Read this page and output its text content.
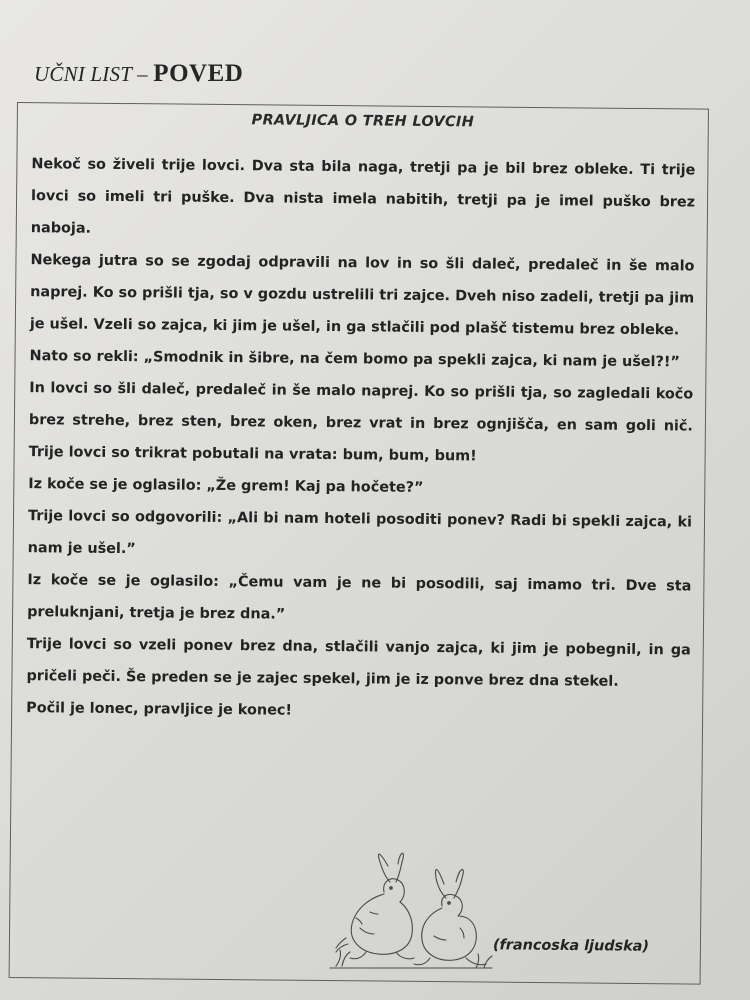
UČNI LIST – POVED
PRAVLJICA O TREH LOVCIH

Nekoč so živeli trije lovci. Dva sta bila naga, tretji pa je bil brez obleke. Ti trije lovci so imeli tri puške. Dva nista imela nabitih, tretji pa je imel puško brez naboja.

Nekega jutra so se zgodaj odpravili na lov in so šli daleč, predaleč in še malo naprej. Ko so prišli tja, so v gozdu ustrelili tri zajce. Dveh niso zadeli, tretji pa jim je ušel. Vzeli so zajca, ki jim je ušel, in ga stlačili pod plašč tistemu brez obleke.

Nato so rekli: „Smodnik in šibre, na čem bomo pa spekli zajca, ki nam je ušel?!”

In lovci so šli daleč, predaleč in še malo naprej. Ko so prišli tja, so zagledali kočo brez strehe, brez sten, brez oken, brez vrat in brez ognjišča, en sam goli nič. Trije lovci so trikrat pobutali na vrata: bum, bum, bum!

Iz koče se je oglasilo: „Že grem! Kaj pa hočete?”

Trije lovci so odgovorili: „Ali bi nam hoteli posoditi ponev? Radi bi spekli zajca, ki nam je ušel.”

Iz koče se je oglasilo: „Čemu vam je ne bi posodili, saj imamo tri. Dve sta preluknjani, tretja je brez dna.”

Trije lovci so vzeli ponev brez dna, stlačili vanjo zajca, ki jim je pobegnil, in ga pričeli peči. Še preden se je zajec spekel, jim je iz ponve brez dna stekel.

Počil je lonec, pravljice je konec!

(francoska ljudska)
